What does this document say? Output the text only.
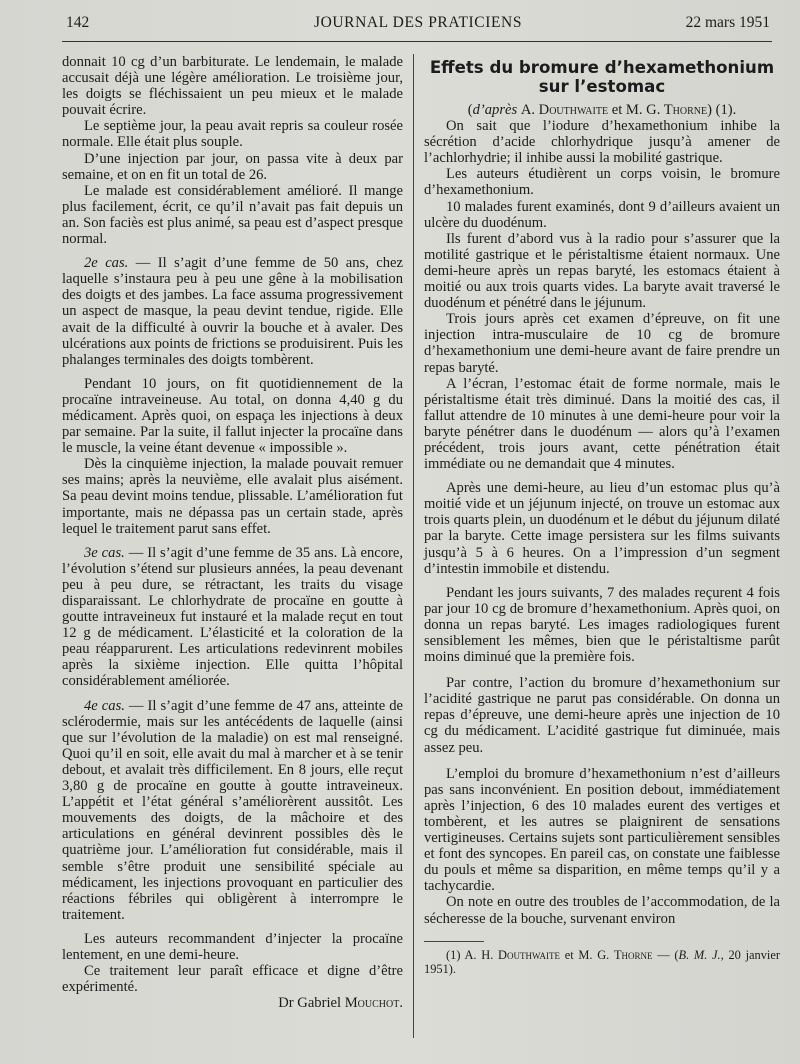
142	JOURNAL DES PRATICIENS	22 mars 1951

donnait 10 cg d’un barbiturate. Le lendemain, le malade accusait déjà une légère amélioration. Le troisième jour, les doigts se fléchissaient un peu mieux et le malade pouvait écrire.

Le septième jour, la peau avait repris sa couleur rosée normale. Elle était plus souple.

D’une injection par jour, on passa vite à deux par semaine, et on en fit un total de 26.

Le malade est considérablement amélioré. Il mange plus facilement, écrit, ce qu’il n’avait pas fait depuis un an. Son faciès est plus animé, sa peau est d’aspect presque normal.

2e cas. — Il s’agit d’une femme de 50 ans, chez laquelle s’instaura peu à peu une gêne à la mobilisation des doigts et des jambes. La face assuma progressivement un aspect de masque, la peau devint tendue, rigide. Elle avait de la difficulté à ouvrir la bouche et à avaler. Des ulcérations aux points de frictions se produisirent. Puis les phalanges terminales des doigts tombèrent.

Pendant 10 jours, on fit quotidiennement de la procaïne intraveineuse. Au total, on donna 4,40 g du médicament. Après quoi, on espaça les injections à deux par semaine. Par la suite, il fallut injecter la procaïne dans le muscle, la veine étant devenue « impossible ».

Dès la cinquième injection, la malade pouvait remuer ses mains; après la neuvième, elle avalait plus aisément. Sa peau devint moins tendue, plissable. L’amélioration fut importante, mais ne dépassa pas un certain stade, après lequel le traitement parut sans effet.

3e cas. — Il s’agit d’une femme de 35 ans. Là encore, l’évolution s’étend sur plusieurs années, la peau devenant peu à peu dure, se rétractant, les traits du visage disparaissant. Le chlorhydrate de procaïne en goutte à goutte intraveineux fut instauré et la malade reçut en tout 12 g de médicament. L’élasticité et la coloration de la peau réapparurent. Les articulations redevinrent mobiles après la sixième injection. Elle quitta l’hôpital considérablement améliorée.

4e cas. — Il s’agit d’une femme de 47 ans, atteinte de sclérodermie, mais sur les antécédents de laquelle (ainsi que sur l’évolution de la maladie) on est mal renseigné. Quoi qu’il en soit, elle avait du mal à marcher et à se tenir debout, et avalait très difficilement. En 8 jours, elle reçut 3,80 g de procaïne en goutte à goutte intraveineux. L’appétit et l’état général s’améliorèrent aussitôt. Les mouvements des doigts, de la mâchoire et des articulations en général devinrent possibles dès le quatrième jour. L’amélioration fut considérable, mais il semble s’être produit une sensibilité spéciale au médicament, les injections provoquant en particulier des réactions fébriles qui obligèrent à interrompre le traitement.

Les auteurs recommandent d’injecter la procaïne lentement, en une demi-heure.

Ce traitement leur paraît efficace et digne d’être expérimenté.

Dr Gabriel Mouchot.

Effets du bromure d’hexamethonium sur l’estomac

(d’après A. Douthwaite et M. G. Thorne) (1).

On sait que l’iodure d’hexamethonium inhibe la sécrétion d’acide chlorhydrique jusqu’à amener de l’achlorhydrie; il inhibe aussi la mobilité gastrique.

Les auteurs étudièrent un corps voisin, le bromure d’hexamethonium.

10 malades furent examinés, dont 9 d’ailleurs avaient un ulcère du duodénum.

Ils furent d’abord vus à la radio pour s’assurer que la motilité gastrique et le péristaltisme étaient normaux. Une demi-heure après un repas baryté, les estomacs étaient à moitié ou aux trois quarts vides. La baryte avait traversé le duodénum et pénétré dans le jéjunum.

Trois jours après cet examen d’épreuve, on fit une injection intra-musculaire de 10 cg de bromure d’hexamethonium une demi-heure avant de faire prendre un repas baryté.

A l’écran, l’estomac était de forme normale, mais le péristaltisme était très diminué. Dans la moitié des cas, il fallut attendre de 10 minutes à une demi-heure pour voir la baryte pénétrer dans le duodénum — alors qu’à l’examen précédent, trois jours avant, cette pénétration était immédiate ou ne demandait que 4 minutes.

Après une demi-heure, au lieu d’un estomac plus qu’à moitié vide et un jéjunum injecté, on trouve un estomac aux trois quarts plein, un duodénum et le début du jéjunum dilaté par la baryte. Cette image persistera sur les films suivants jusqu’à 5 à 6 heures. On a l’impression d’un segment d’intestin immobile et distendu.

Pendant les jours suivants, 7 des malades reçurent 4 fois par jour 10 cg de bromure d’hexamethonium. Après quoi, on donna un repas baryté. Les images radiologiques furent sensiblement les mêmes, bien que le péristaltisme parût moins diminué que la première fois.

Par contre, l’action du bromure d’hexamethonium sur l’acidité gastrique ne parut pas considérable. On donna un repas d’épreuve, une demi-heure après une injection de 10 cg du médicament. L’acidité gastrique fut diminuée, mais assez peu.

L’emploi du bromure d’hexamethonium n’est d’ailleurs pas sans inconvénient. En position debout, immédiatement après l’injection, 6 des 10 malades eurent des vertiges et tombèrent, et les autres se plaignirent de sensations vertigineuses. Certains sujets sont particulièrement sensibles et font des syncopes. En pareil cas, on constate une faiblesse du pouls et même sa disparition, en même temps qu’il y a tachycardie.

On note en outre des troubles de l’accommodation, de la sécheresse de la bouche, survenant environ

(1) A. H. Douthwaite et M. G. Thorne — (B. M. J., 20 janvier 1951).
